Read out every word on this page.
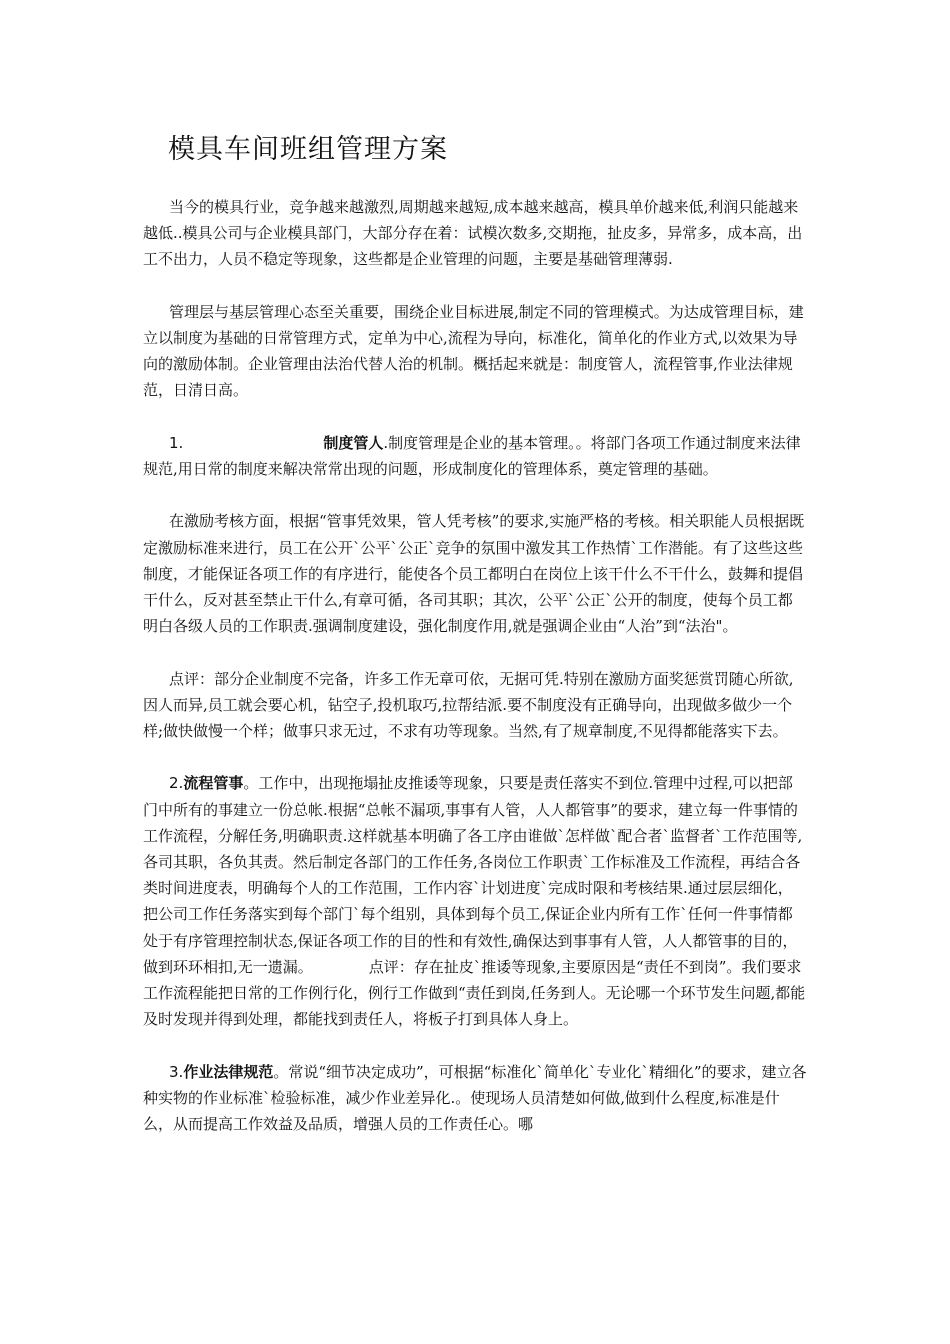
模具车间班组管理方案

当今的模具行业，竞争越来越激烈,周期越来越短,成本越来越高，模具单价越来低,利润只能越来越低..模具公司与企业模具部门，大部分存在着：试模次数多,交期拖，扯皮多，异常多，成本高，出工不出力，人员不稳定等现象，这些都是企业管理的问题，主要是基础管理薄弱.

管理层与基层管理心态至关重要，围绕企业目标进展,制定不同的管理模式。为达成管理目标，建立以制度为基础的日常管理方式，定单为中心,流程为导向，标准化，简单化的作业方式,以效果为导向的激励体制。企业管理由法治代替人治的机制。概括起来就是：制度管人，流程管事,作业法律规范，日清日高。

1.	制度管人.制度管理是企业的基本管理。。将部门各项工作通过制度来法律规范,用日常的制度来解决常常出现的问题，形成制度化的管理体系，奠定管理的基础。

在激励考核方面，根据“管事凭效果，管人凭考核”的要求,实施严格的考核。相关职能人员根据既定激励标准来进行，员工在公开`公平`公正`竞争的氛围中激发其工作热情`工作潜能。有了这些这些制度，才能保证各项工作的有序进行，能使各个员工都明白在岗位上该干什么不干什么，鼓舞和提倡干什么，反对甚至禁止干什么,有章可循，各司其职；其次，公平`公正`公开的制度，使每个员工都明白各级人员的工作职责.强调制度建设，强化制度作用,就是强调企业由“人治”到“法治"。

点评：部分企业制度不完备，许多工作无章可依，无据可凭.特别在激励方面奖惩赏罚随心所欲,因人而异,员工就会要心机，钻空子,投机取巧,拉帮结派.要不制度没有正确导向，出现做多做少一个样;做快做慢一个样；做事只求无过，不求有功等现象。当然,有了规章制度,不见得都能落实下去。

2.流程管事。工作中，出现拖塌扯皮推诿等现象，只要是责任落实不到位.管理中过程,可以把部门中所有的事建立一份总帐.根据“总帐不漏项,事事有人管，人人都管事”的要求，建立每一件事情的工作流程，分解任务,明确职责.这样就基本明确了各工序由谁做`怎样做`配合者`监督者`工作范围等,各司其职，各负其责。然后制定各部门的工作任务,各岗位工作职责`工作标准及工作流程，再结合各类时间进度表，明确每个人的工作范围，工作内容`计划进度`完成时限和考核结果.通过层层细化，把公司工作任务落实到每个部门`每个组别，具体到每个员工,保证企业内所有工作`任何一件事情都处于有序管理控制状态,保证各项工作的目的性和有效性,确保达到事事有人管，人人都管事的目的，做到环环相扣,无一遗漏。	点评：存在扯皮`推诿等现象,主要原因是“责任不到岗”。我们要求工作流程能把日常的工作例行化，例行工作做到“责任到岗,任务到人。无论哪一个环节发生问题,都能及时发现并得到处理，都能找到责任人，将板子打到具体人身上。

3.作业法律规范。常说“细节决定成功”，可根据“标准化`简单化`专业化`精细化”的要求，建立各种实物的作业标准`检验标准，减少作业差异化.。使现场人员清楚如何做,做到什么程度,标准是什么，从而提高工作效益及品质，增强人员的工作责任心。哪
